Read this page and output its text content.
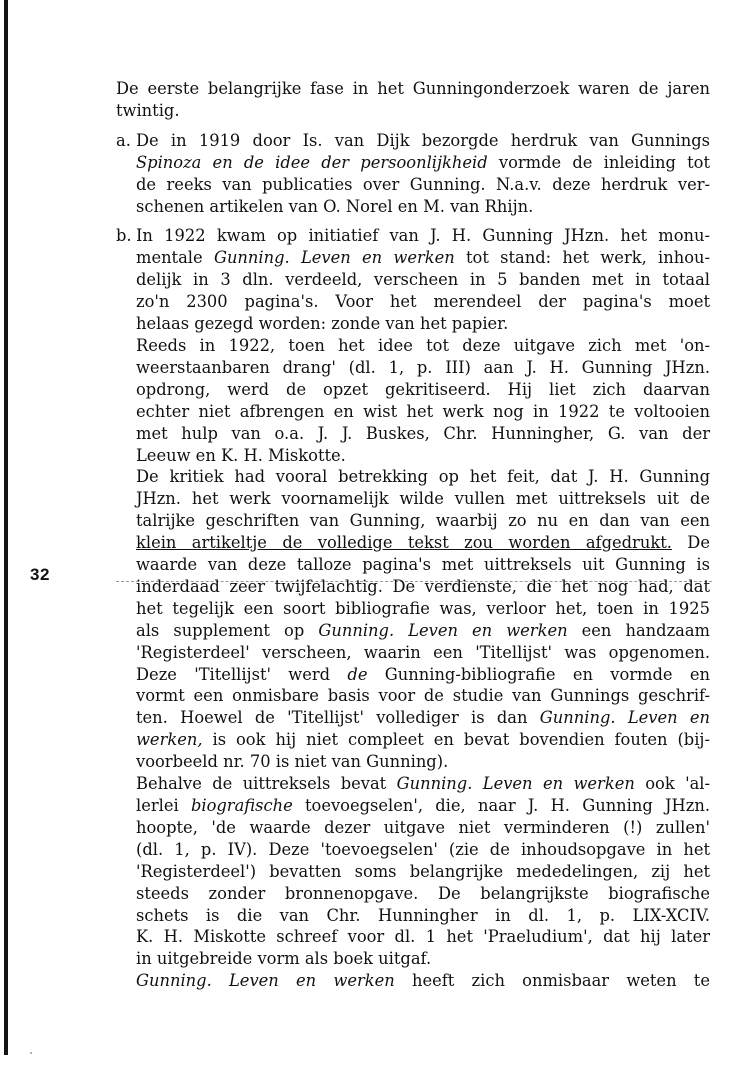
32

De eerste belangrijke fase in het Gunningonderzoek waren de jaren
twintig.

a. De in 1919 door Is. van Dijk bezorgde herdruk van Gunnings
Spinoza en de idee der persoonlijkheid vormde de inleiding tot
de reeks van publicaties over Gunning. N.a.v. deze herdruk ver-
schenen artikelen van O. Norel en M. van Rhijn.
b. In 1922 kwam op initiatief van J. H. Gunning JHzn. het monu-
mentale Gunning. Leven en werken tot stand: het werk, inhou-
delijk in 3 dln. verdeeld, verscheen in 5 banden met in totaal
zo'n 2300 pagina's. Voor het merendeel der pagina's moet
helaas gezegd worden: zonde van het papier.

Reeds in 1922, toen het idee tot deze uitgave zich met 'on-
weerstaanbaren drang' (dl. 1, p. III) aan J. H. Gunning JHzn.
opdrong, werd de opzet gekritiseerd. Hij liet zich daarvan
echter niet afbrengen en wist het werk nog in 1922 te voltooien
met hulp van o.a. J. J. Buskes, Chr. Hunningher, G. van der
Leeuw en K. H. Miskotte.

De kritiek had vooral betrekking op het feit, dat J. H. Gunning
JHzn. het werk voornamelijk wilde vullen met uittreksels uit de
talrijke geschriften van Gunning, waarbij zo nu en dan van een
klein artikeltje de volledige tekst zou worden afgedrukt. De
waarde van deze talloze pagina's met uittreksels uit Gunning is
inderdaad zeer twijfelachtig. De verdienste, die het nog had, dat
het tegelijk een soort bibliografie was, verloor het, toen in 1925
als supplement op Gunning. Leven en werken een handzaam
'Registerdeel' verscheen, waarin een 'Titellijst' was opgenomen.
Deze 'Titellijst' werd de Gunning-bibliografie en vormde en
vormt een onmisbare basis voor de studie van Gunnings geschrif-
ten. Hoewel de 'Titellijst' vollediger is dan Gunning. Leven en
werken, is ook hij niet compleet en bevat bovendien fouten (bij-
voorbeeld nr. 70 is niet van Gunning).

Behalve de uittreksels bevat Gunning. Leven en werken ook 'al-
lerlei biografische toevoegselen', die, naar J. H. Gunning JHzn.
hoopte, 'de waarde dezer uitgave niet verminderen (!) zullen'
(dl. 1, p. IV). Deze 'toevoegselen' (zie de inhoudsopgave in het
'Registerdeel') bevatten soms belangrijke mededelingen, zij het
steeds zonder bronnenopgave. De belangrijkste biografische
schets is die van Chr. Hunningher in dl. 1, p. LIX-XCIV.
K. H. Miskotte schreef voor dl. 1 het 'Praeludium', dat hij later
in uitgebreide vorm als boek uitgaf.

Gunning. Leven en werken heeft zich onmisbaar weten te
